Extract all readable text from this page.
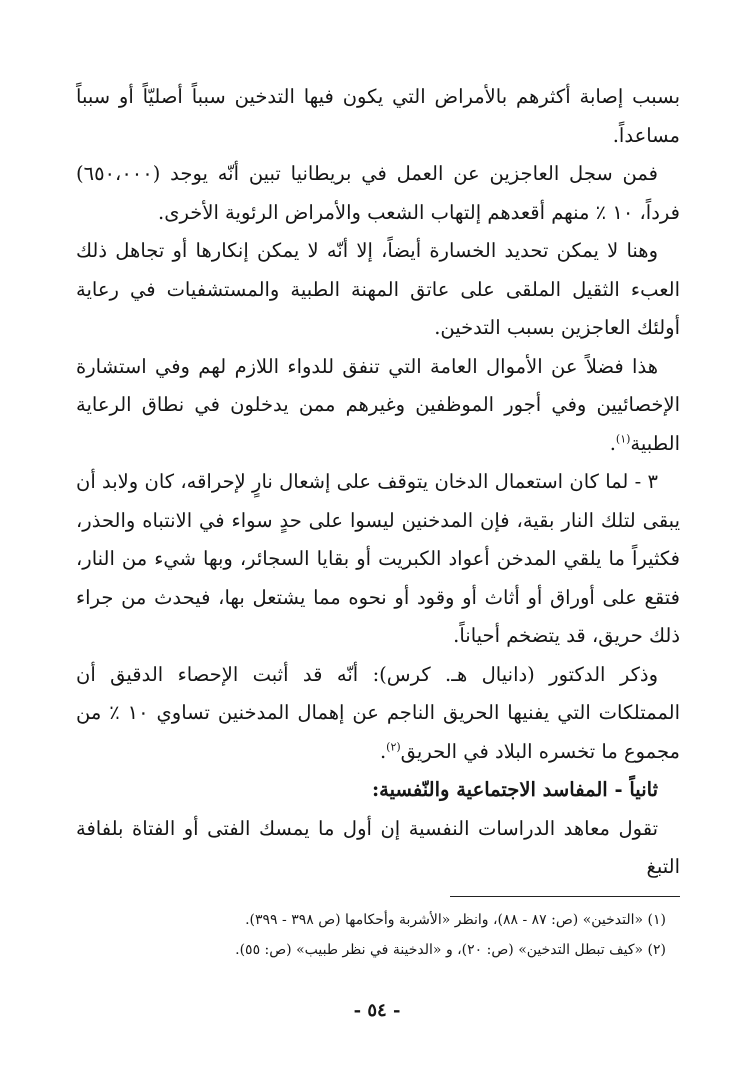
بسبب إصابة أكثرهم بالأمراض التي يكون فيها التدخين سبباً أصليّاً أو سبباً مساعداً.

فمن سجل العاجزين عن العمل في بريطانيا تبين أنّه يوجد (٦٥٠،٠٠٠) فرداً، ١٠ ٪ منهم أقعدهم إلتهاب الشعب والأمراض الرئوية الأخرى.

وهنا لا يمكن تحديد الخسارة أيضاً، إلا أنّه لا يمكن إنكارها أو تجاهل ذلك العبء الثقيل الملقى على عاتق المهنة الطبية والمستشفيات في رعاية أولئك العاجزين بسبب التدخين.

هذا فضلاً عن الأموال العامة التي تنفق للدواء اللازم لهم وفي استشارة الإخصائيين وفي أجور الموظفين وغيرهم ممن يدخلون في نطاق الرعاية الطبية$^{(١)}$.

٣ - لما كان استعمال الدخان يتوقف على إشعال نارٍ لإحراقه، كان ولابد أن يبقى لتلك النار بقية، فإن المدخنين ليسوا على حدٍ سواء في الانتباه والحذر، فكثيراً ما يلقي المدخن أعواد الكبريت أو بقايا السجائر، وبها شيء من النار، فتقع على أوراق أو أثاث أو وقود أو نحوه مما يشتعل بها، فيحدث من جراء ذلك حريق، قد يتضخم أحياناً.

وذكر الدكتور (دانيال هـ. كرس): أنّه قد أثبت الإحصاء الدقيق أن الممتلكات التي يفنيها الحريق الناجم عن إهمال المدخنين تساوي ١٠ ٪ من مجموع ما تخسره البلاد في الحريق$^{(٢)}$.

ثانياً - المفاسد الاجتماعية والنّفسية:

تقول معاهد الدراسات النفسية إن أول ما يمسك الفتى أو الفتاة بلفافة التبغ

(١) «التدخين» (ص: ٨٧ - ٨٨)، وانظر «الأشربة وأحكامها (ص ٣٩٨ - ٣٩٩).

(٢) «كيف تبطل التدخين» (ص: ٢٠)، و «الدخينة في نظر طبيب» (ص: ٥٥).

- ٥٤ -
